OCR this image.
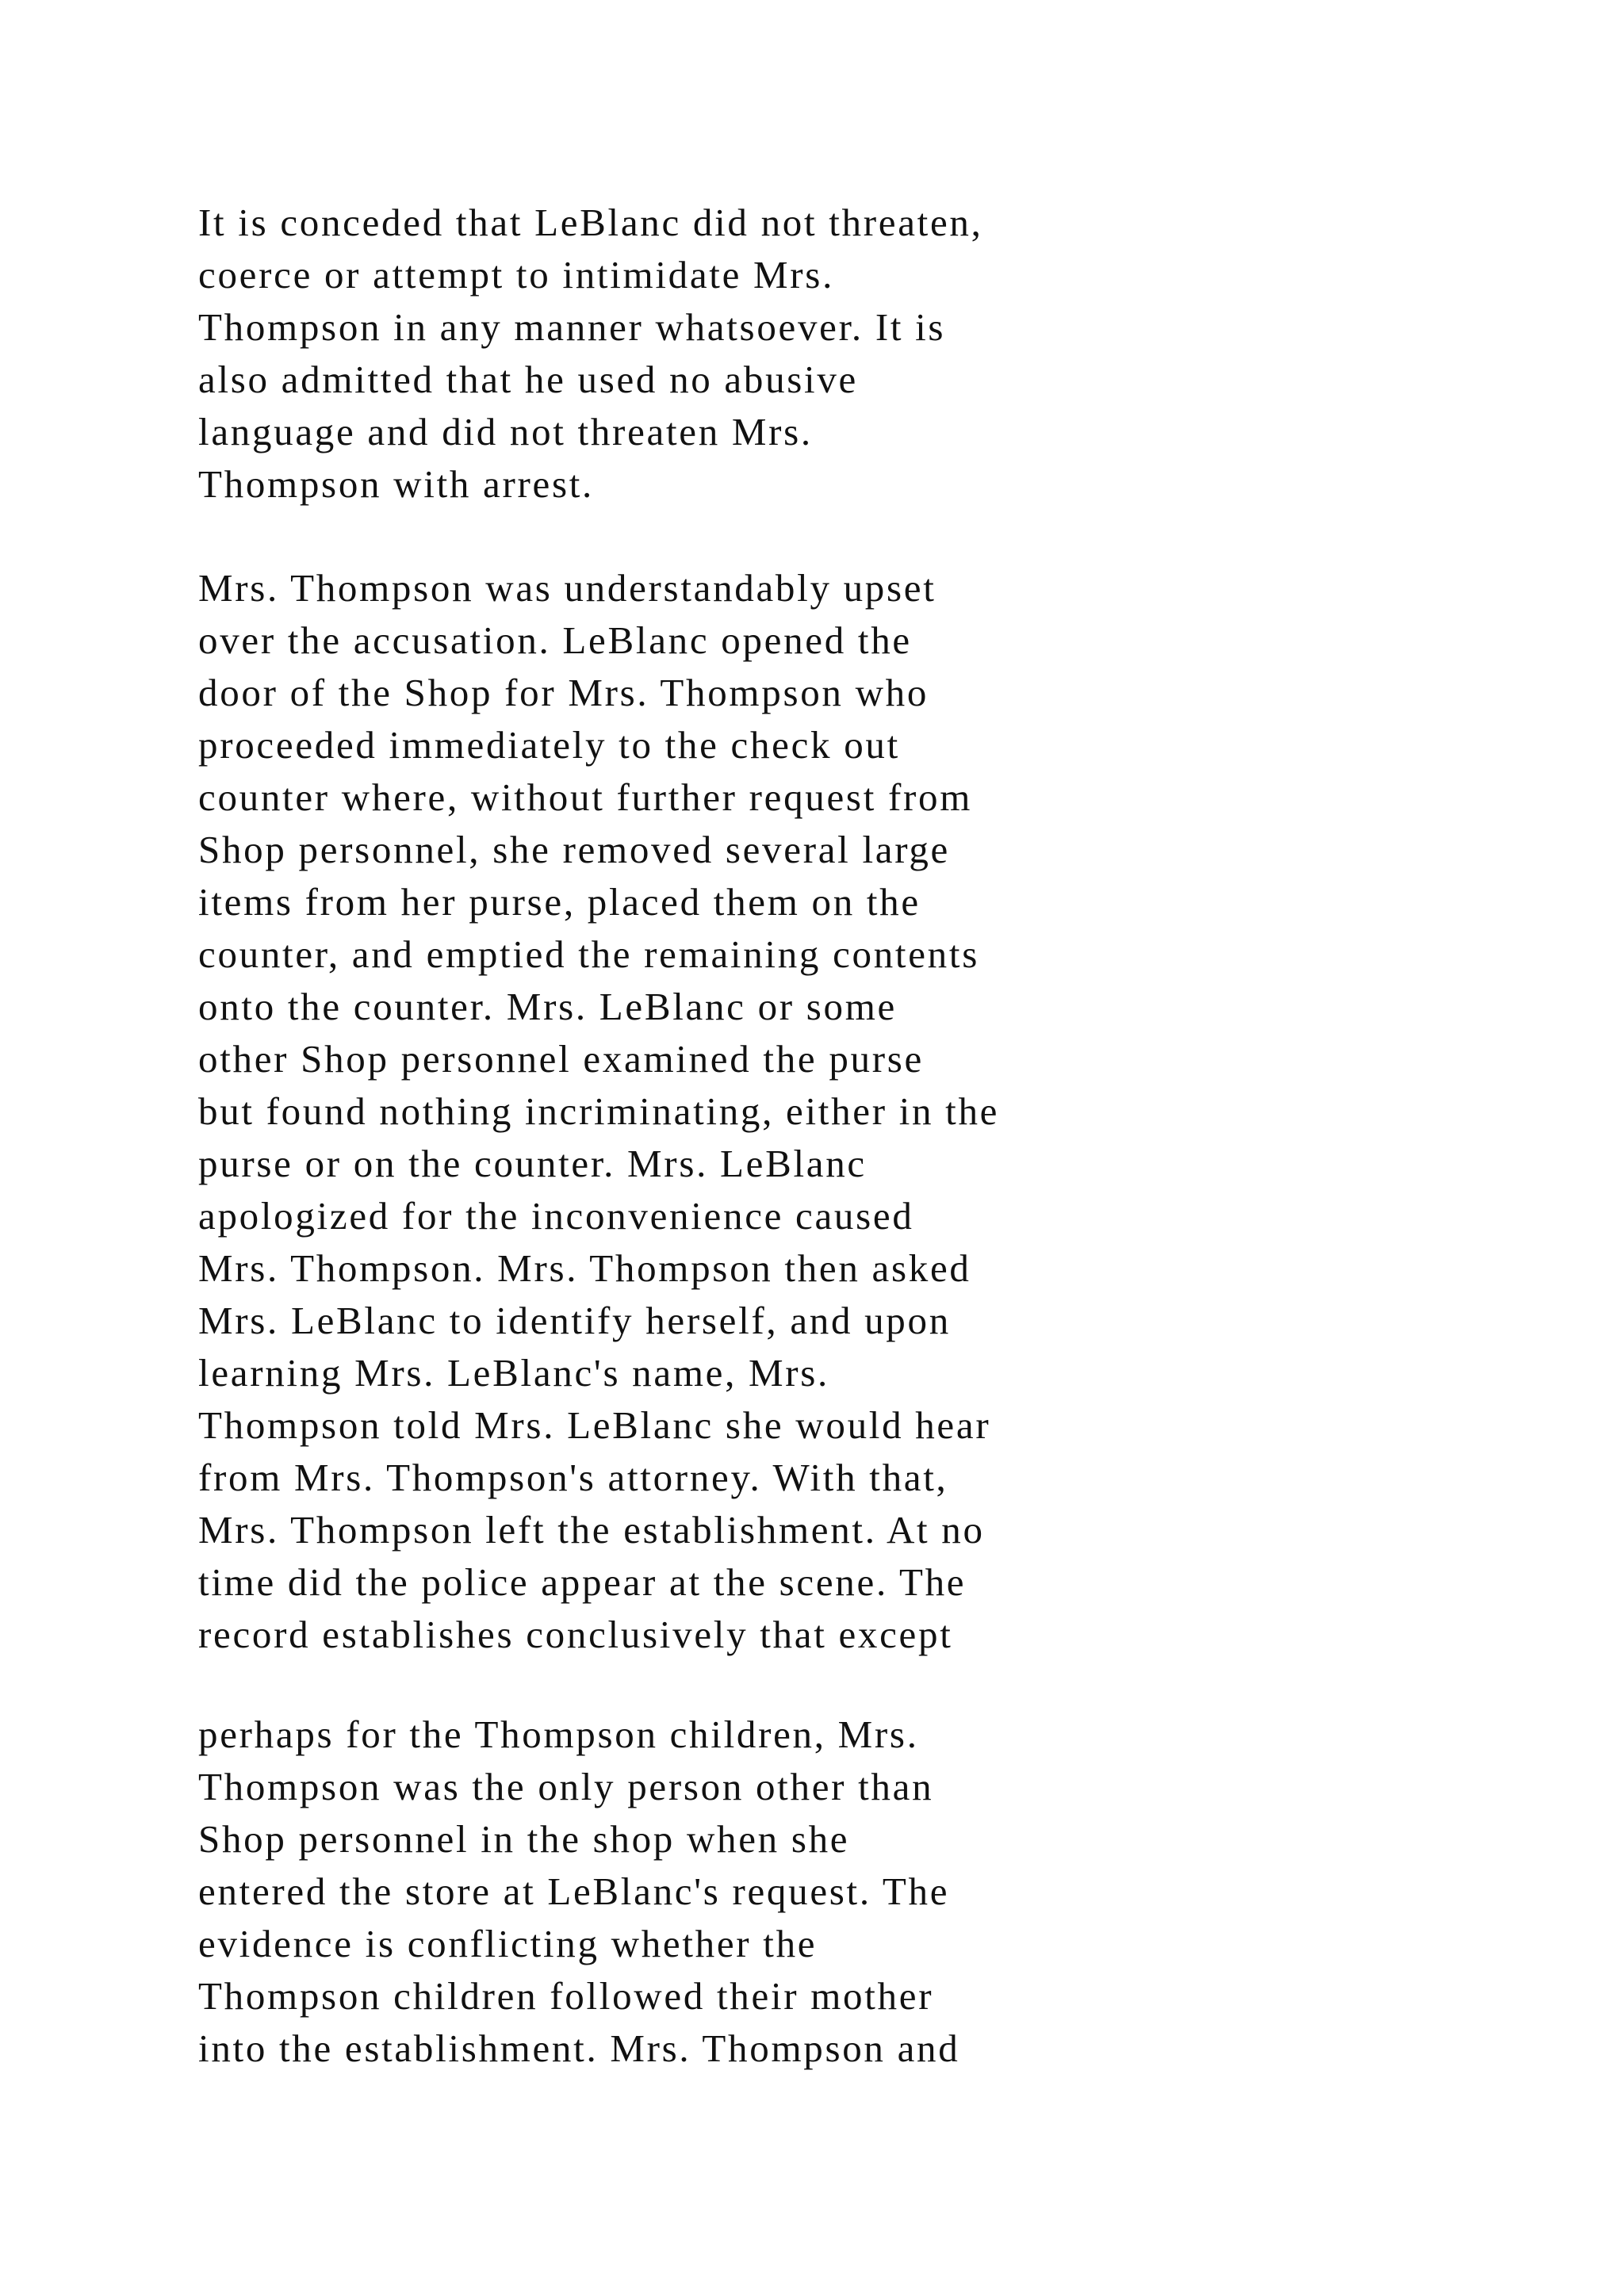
It is conceded that LeBlanc did not threaten,
coerce or attempt to intimidate Mrs.
Thompson in any manner whatsoever. It is
also admitted that he used no abusive
language and did not threaten Mrs.
Thompson with arrest.

Mrs. Thompson was understandably upset
over the accusation. LeBlanc opened the
door of the Shop for Mrs. Thompson who
proceeded immediately to the check out
counter where, without further request from
Shop personnel, she removed several large
items from her purse, placed them on the
counter, and emptied the remaining contents
onto the counter. Mrs. LeBlanc or some
other Shop personnel examined the purse
but found nothing incriminating, either in the
purse or on the counter. Mrs. LeBlanc
apologized for the inconvenience caused
Mrs. Thompson. Mrs. Thompson then asked
Mrs. LeBlanc to identify herself, and upon
learning Mrs. LeBlanc's name, Mrs.
Thompson told Mrs. LeBlanc she would hear
from Mrs. Thompson's attorney. With that,
Mrs. Thompson left the establishment. At no
time did the police appear at the scene. The
record establishes conclusively that except

perhaps for the Thompson children, Mrs.
Thompson was the only person other than
Shop personnel in the shop when she
entered the store at LeBlanc's request. The
evidence is conflicting whether the
Thompson children followed their mother
into the establishment. Mrs. Thompson and
